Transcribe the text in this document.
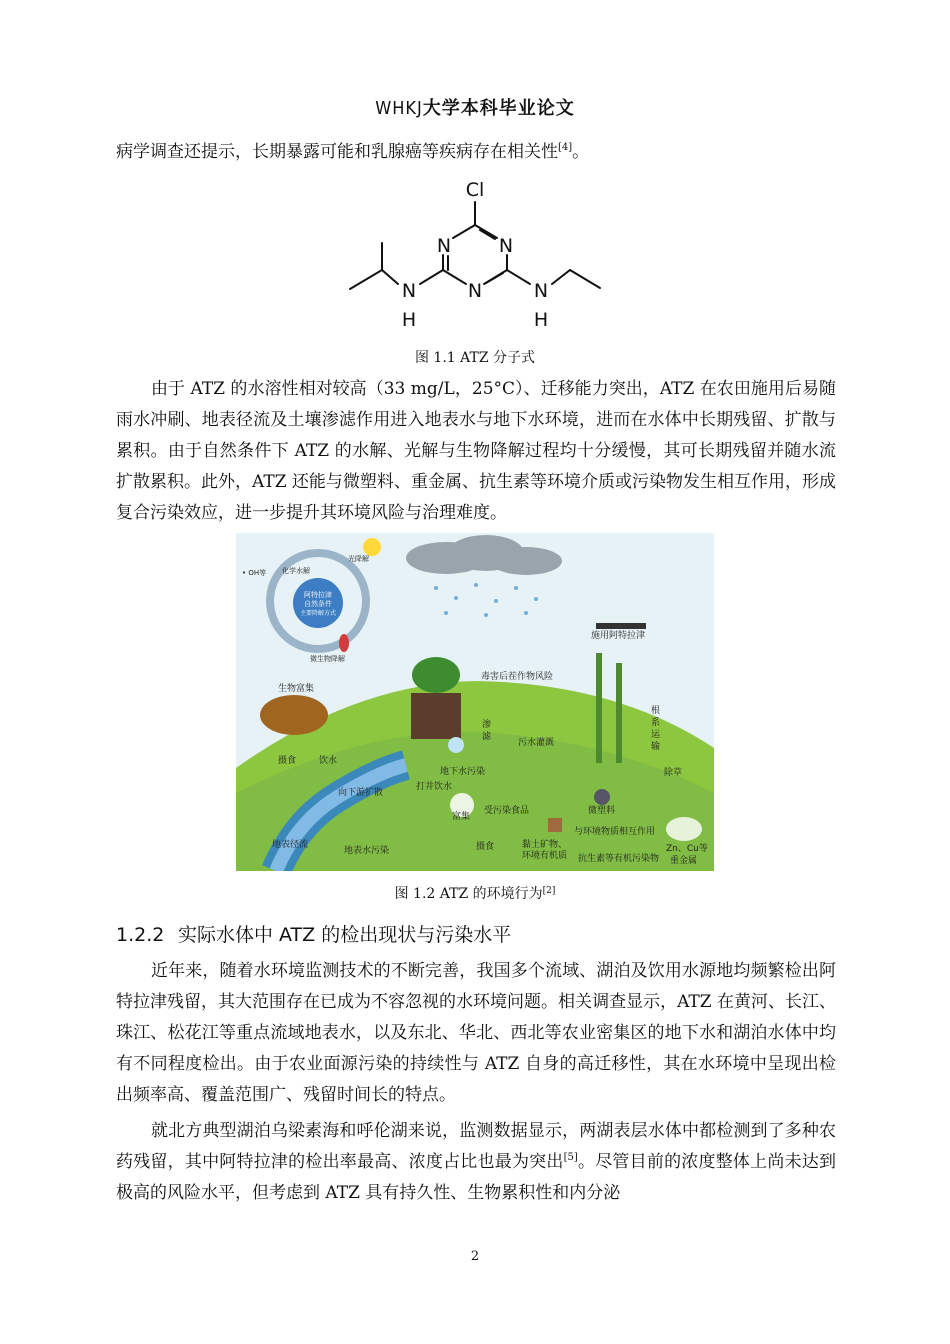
WHKJ大学本科毕业论文
病学调查还提示，长期暴露可能和乳腺癌等疾病存在相关性[4]。
Cl
N	N
N
N
H
N
H
图 1.1 ATZ 分子式
由于 ATZ 的水溶性相对较高（33 mg/L，25°C）、迁移能力突出，ATZ 在农田施用后易随雨水冲刷、地表径流及土壤渗滤作用进入地表水与地下水环境，进而在水体中长期残留、扩散与累积。由于自然条件下 ATZ 的水解、光解与生物降解过程均十分缓慢，其可长期残留并随水流扩散累积。此外，ATZ 还能与微塑料、重金属、抗生素等环境介质或污染物发生相互作用，形成复合污染效应，进一步提升其环境风险与治理难度。
阿特拉津
自然条件
主要降解方式
• OH等 化学水解
光降解
微生物降解
施用阿特拉津
毒害后茬作物风险
根
系
运
输
除草
生物富集
渗
滤
污水灌溉
摄食	饮水
向下游扩散
地下水污染
打井饮水
富集
受污染食品	微塑料
与环境物质相互作用
地表径流
地表水污染	摄食	黏土矿物、
环境有机质 抗生素等有机污染物
Zn、Cu等
重金属
图 1.2 ATZ 的环境行为[2]
1.2.2 实际水体中 ATZ 的检出现状与污染水平
近年来，随着水环境监测技术的不断完善，我国多个流域、湖泊及饮用水源地均频繁检出阿特拉津残留，其大范围存在已成为不容忽视的水环境问题。相关调查显示，ATZ 在黄河、长江、珠江、松花江等重点流域地表水，以及东北、华北、西北等农业密集区的地下水和湖泊水体中均有不同程度检出。由于农业面源污染的持续性与 ATZ 自身的高迁移性，其在水环境中呈现出检出频率高、覆盖范围广、残留时间长的特点。
就北方典型湖泊乌梁素海和呼伦湖来说，监测数据显示，两湖表层水体中都检测到了多种农药残留，其中阿特拉津的检出率最高、浓度占比也最为突出[5]。尽管目前的浓度整体上尚未达到极高的风险水平，但考虑到 ATZ 具有持久性、生物累积性和内分泌
2
